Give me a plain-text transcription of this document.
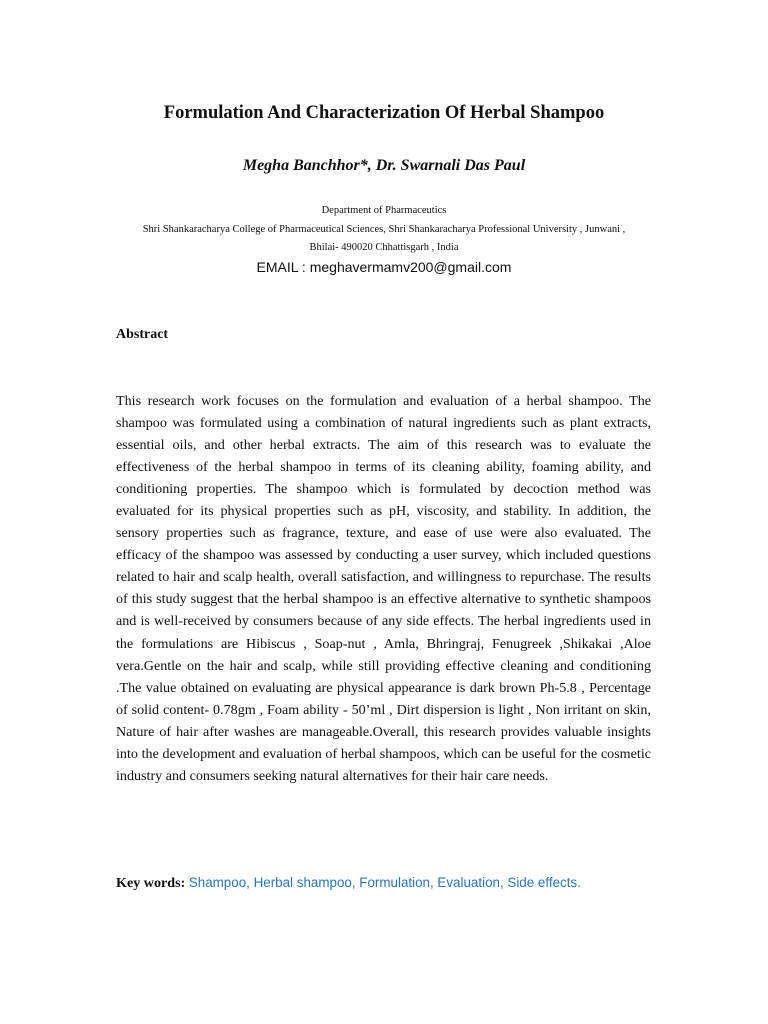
Formulation And Characterization Of Herbal Shampoo

Megha Banchhor*, Dr. Swarnali Das Paul

Department of Pharmaceutics
Shri Shankaracharya College of Pharmaceutical Sciences, Shri Shankaracharya Professional University , Junwani ,
Bhilai- 490020 Chhattisgarh , India
EMAIL : meghavermamv200@gmail.com
Abstract

This research work focuses on the formulation and evaluation of a herbal shampoo. The shampoo was formulated using a combination of natural ingredients such as plant extracts, essential oils, and other herbal extracts. The aim of this research was to evaluate the effectiveness of the herbal shampoo in terms of its cleaning ability, foaming ability, and conditioning properties. The shampoo which is formulated by decoction method was evaluated for its physical properties such as pH, viscosity, and stability. In addition, the sensory properties such as fragrance, texture, and ease of use were also evaluated. The efficacy of the shampoo was assessed by conducting a user survey, which included questions related to hair and scalp health, overall satisfaction, and willingness to repurchase. The results of this study suggest that the herbal shampoo is an effective alternative to synthetic shampoos and is well-received by consumers because of any side effects. The herbal ingredients used in the formulations are Hibiscus , Soap-nut , Amla, Bhringraj, Fenugreek ,Shikakai ,Aloe vera.Gentle on the hair and scalp, while still providing effective cleaning and conditioning .The value obtained on evaluating are physical appearance is dark brown Ph-5.8 , Percentage of solid content- 0.78gm , Foam ability - 50’ml , Dirt dispersion is light , Non irritant on skin, Nature of hair after washes are manageable.Overall, this research provides valuable insights into the development and evaluation of herbal shampoos, which can be useful for the cosmetic industry and consumers seeking natural alternatives for their hair care needs.

Key words: Shampoo, Herbal shampoo, Formulation, Evaluation, Side effects.
